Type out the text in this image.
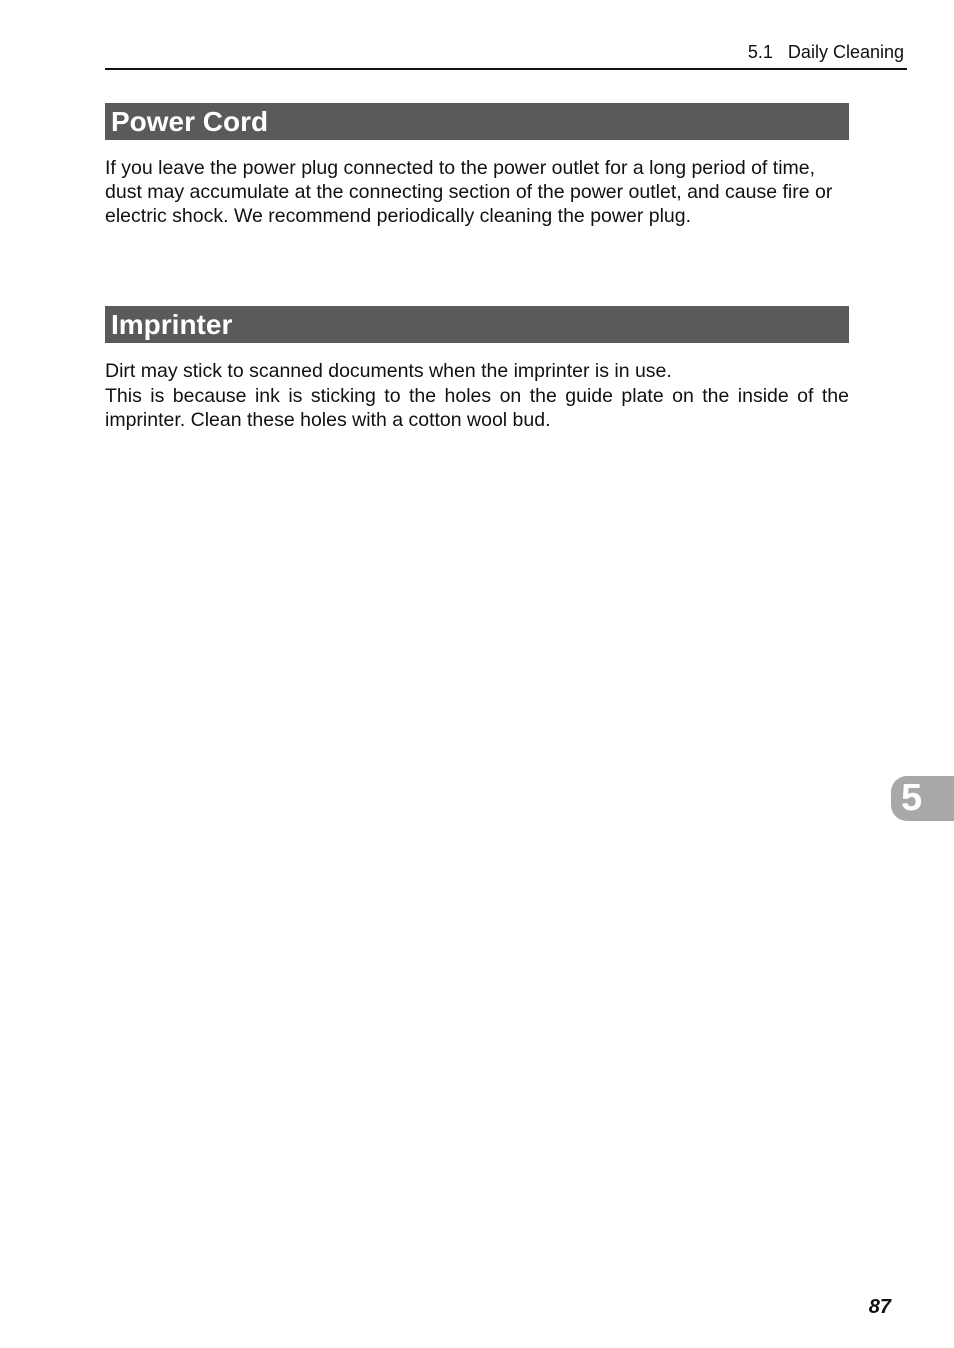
5.1   Daily Cleaning
Power Cord

If you leave the power plug connected to the power outlet for a long period of time, dust may accumulate at the connecting section of the power outlet, and cause fire or electric shock. We recommend periodically cleaning the power plug.

Imprinter

Dirt may stick to scanned documents when the imprinter is in use.

This is because ink is sticking to the holes on the guide plate on the inside of the imprinter. Clean these holes with a cotton wool bud.

5
87
